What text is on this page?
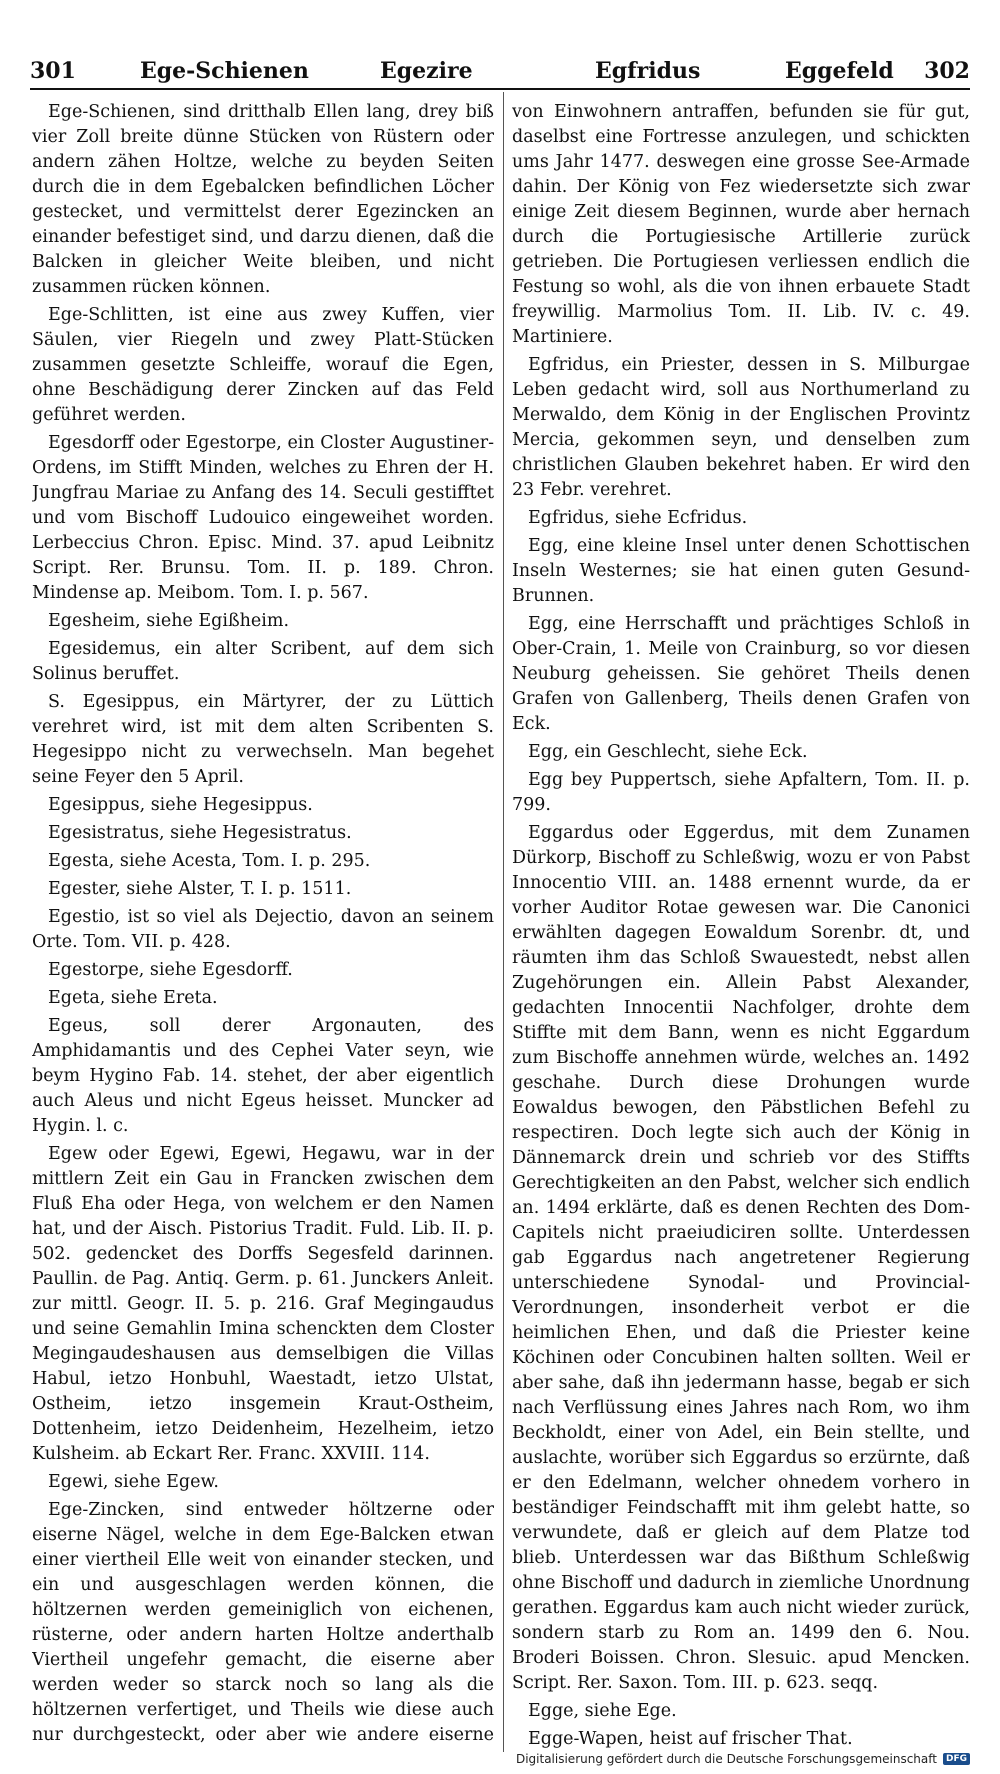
301	Ege-Schienen	Egezire	Egfridus	Eggefeld 302

Ege-Schienen, sind dritthalb Ellen lang, drey biß vier Zoll breite dünne Stücken von Rüstern oder andern zähen Holtze, welche zu beyden Seiten durch die in dem Egebalcken befindlichen Löcher gestecket, und vermittelst derer Egezincken an einander befestiget sind, und darzu dienen, daß die Balcken in gleicher Weite bleiben, und nicht zusammen rücken können.

Ege-Schlitten, ist eine aus zwey Kuffen, vier Säulen, vier Riegeln und zwey Platt-Stücken zusammen gesetzte Schleiffe, worauf die Egen, ohne Beschädigung derer Zincken auf das Feld geführet werden.

Egesdorff oder Egestorpe, ein Closter Augustiner-Ordens, im Stifft Minden, welches zu Ehren der H. Jungfrau Mariae zu Anfang des 14. Seculi gestifftet und vom Bischoff Ludouico eingeweihet worden. Lerbeccius Chron. Episc. Mind. 37. apud Leibnitz Script. Rer. Brunsu. Tom. II. p. 189. Chron. Mindense ap. Meibom. Tom. I. p. 567.

Egesheim, siehe Egißheim.

Egesidemus, ein alter Scribent, auf dem sich Solinus beruffet.

S. Egesippus, ein Märtyrer, der zu Lüttich verehret wird, ist mit dem alten Scribenten S. Hegesippo nicht zu verwechseln. Man begehet seine Feyer den 5 April.

Egesippus, siehe Hegesippus.

Egesistratus, siehe Hegesistratus.

Egesta, siehe Acesta, Tom. I. p. 295.

Egester, siehe Alster, T. I. p. 1511.

Egestio, ist so viel als Dejectio, davon an seinem Orte. Tom. VII. p. 428.

Egestorpe, siehe Egesdorff.

Egeta, siehe Ereta.

Egeus, soll derer Argonauten, des Amphidamantis und des Cephei Vater seyn, wie beym Hygino Fab. 14. stehet, der aber eigentlich auch Aleus und nicht Egeus heisset. Muncker ad Hygin. l. c.

Egew oder Egewi, Egewi, Hegawu, war in der mittlern Zeit ein Gau in Francken zwischen dem Fluß Eha oder Hega, von welchem er den Namen hat, und der Aisch. Pistorius Tradit. Fuld. Lib. II. p. 502. gedencket des Dorffs Segesfeld darinnen. Paullin. de Pag. Antiq. Germ. p. 61. Junckers Anleit. zur mittl. Geogr. II. 5. p. 216. Graf Megingaudus und seine Gemahlin Imina schenckten dem Closter Megingaudeshausen aus demselbigen die Villas Habul, ietzo Honbuhl, Waestadt, ietzo Ulstat, Ostheim, ietzo insgemein Kraut-Ostheim, Dottenheim, ietzo Deidenheim, Hezelheim, ietzo Kulsheim. ab Eckart Rer. Franc. XXVIII. 114.

Egewi, siehe Egew.

Ege-Zincken, sind entweder höltzerne oder eiserne Nägel, welche in dem Ege-Balcken etwan einer viertheil Elle weit von einander stecken, und ein und ausgeschlagen werden können, die höltzernen werden gemeiniglich von eichenen, rüsterne, oder andern harten Holtze anderthalb Viertheil ungefehr gemacht, die eiserne aber werden weder so starck noch so lang als die höltzernen verfertiget, und Theils wie diese auch nur durchgesteckt, oder aber wie andere eiserne

von Einwohnern antraffen, befunden sie für gut, daselbst eine Fortresse anzulegen, und schickten ums Jahr 1477. deswegen eine grosse See-Armade dahin. Der König von Fez wiedersetzte sich zwar einige Zeit diesem Beginnen, wurde aber hernach durch die Portugiesische Artillerie zurück getrieben. Die Portugiesen verliessen endlich die Festung so wohl, als die von ihnen erbauete Stadt freywillig. Marmolius Tom. II. Lib. IV. c. 49. Martiniere.

Egfridus, ein Priester, dessen in S. Milburgae Leben gedacht wird, soll aus Northumerland zu Merwaldo, dem König in der Englischen Provintz Mercia, gekommen seyn, und denselben zum christlichen Glauben bekehret haben. Er wird den 23 Febr. verehret.

Egfridus, siehe Ecfridus.

Egg, eine kleine Insel unter denen Schottischen Inseln Westernes; sie hat einen guten Gesund-Brunnen.

Egg, eine Herrschafft und prächtiges Schloß in Ober-Crain, 1. Meile von Crainburg, so vor diesen Neuburg geheissen. Sie gehöret Theils denen Grafen von Gallenberg, Theils denen Grafen von Eck.

Egg, ein Geschlecht, siehe Eck.

Egg bey Puppertsch, siehe Apfaltern, Tom. II. p. 799.

Eggardus oder Eggerdus, mit dem Zunamen Dürkorp, Bischoff zu Schleßwig, wozu er von Pabst Innocentio VIII. an. 1488 ernennt wurde, da er vorher Auditor Rotae gewesen war. Die Canonici erwählten dagegen Eowaldum Sorenbr. dt, und räumten ihm das Schloß Swauestedt, nebst allen Zugehörungen ein. Allein Pabst Alexander, gedachten Innocentii Nachfolger, drohte dem Stiffte mit dem Bann, wenn es nicht Eggardum zum Bischoffe annehmen würde, welches an. 1492 geschahe. Durch diese Drohungen wurde Eowaldus bewogen, den Päbstlichen Befehl zu respectiren. Doch legte sich auch der König in Dännemarck drein und schrieb vor des Stiffts Gerechtigkeiten an den Pabst, welcher sich endlich an. 1494 erklärte, daß es denen Rechten des Dom-Capitels nicht praeiudiciren sollte. Unterdessen gab Eggardus nach angetretener Regierung unterschiedene Synodal- und Provincial-Verordnungen, insonderheit verbot er die heimlichen Ehen, und daß die Priester keine Köchinen oder Concubinen halten sollten. Weil er aber sahe, daß ihn jedermann hasse, begab er sich nach Verflüssung eines Jahres nach Rom, wo ihm Beckholdt, einer von Adel, ein Bein stellte, und auslachte, worüber sich Eggardus so erzürnte, daß er den Edelmann, welcher ohnedem vorhero in beständiger Feindschafft mit ihm gelebt hatte, so verwundete, daß er gleich auf dem Platze tod blieb. Unterdessen war das Bißthum Schleßwig ohne Bischoff und dadurch in ziemliche Unordnung gerathen. Eggardus kam auch nicht wieder zurück, sondern starb zu Rom an. 1499 den 6. Nou. Broderi Boissen. Chron. Slesuic. apud Mencken. Script. Rer. Saxon. Tom. III. p. 623. seqq.

Egge, siehe Ege.

Egge-Wapen, heist auf frischer That.

Digitalisierung gefördert durch die Deutsche Forschungsgemeinschaft	DFG
